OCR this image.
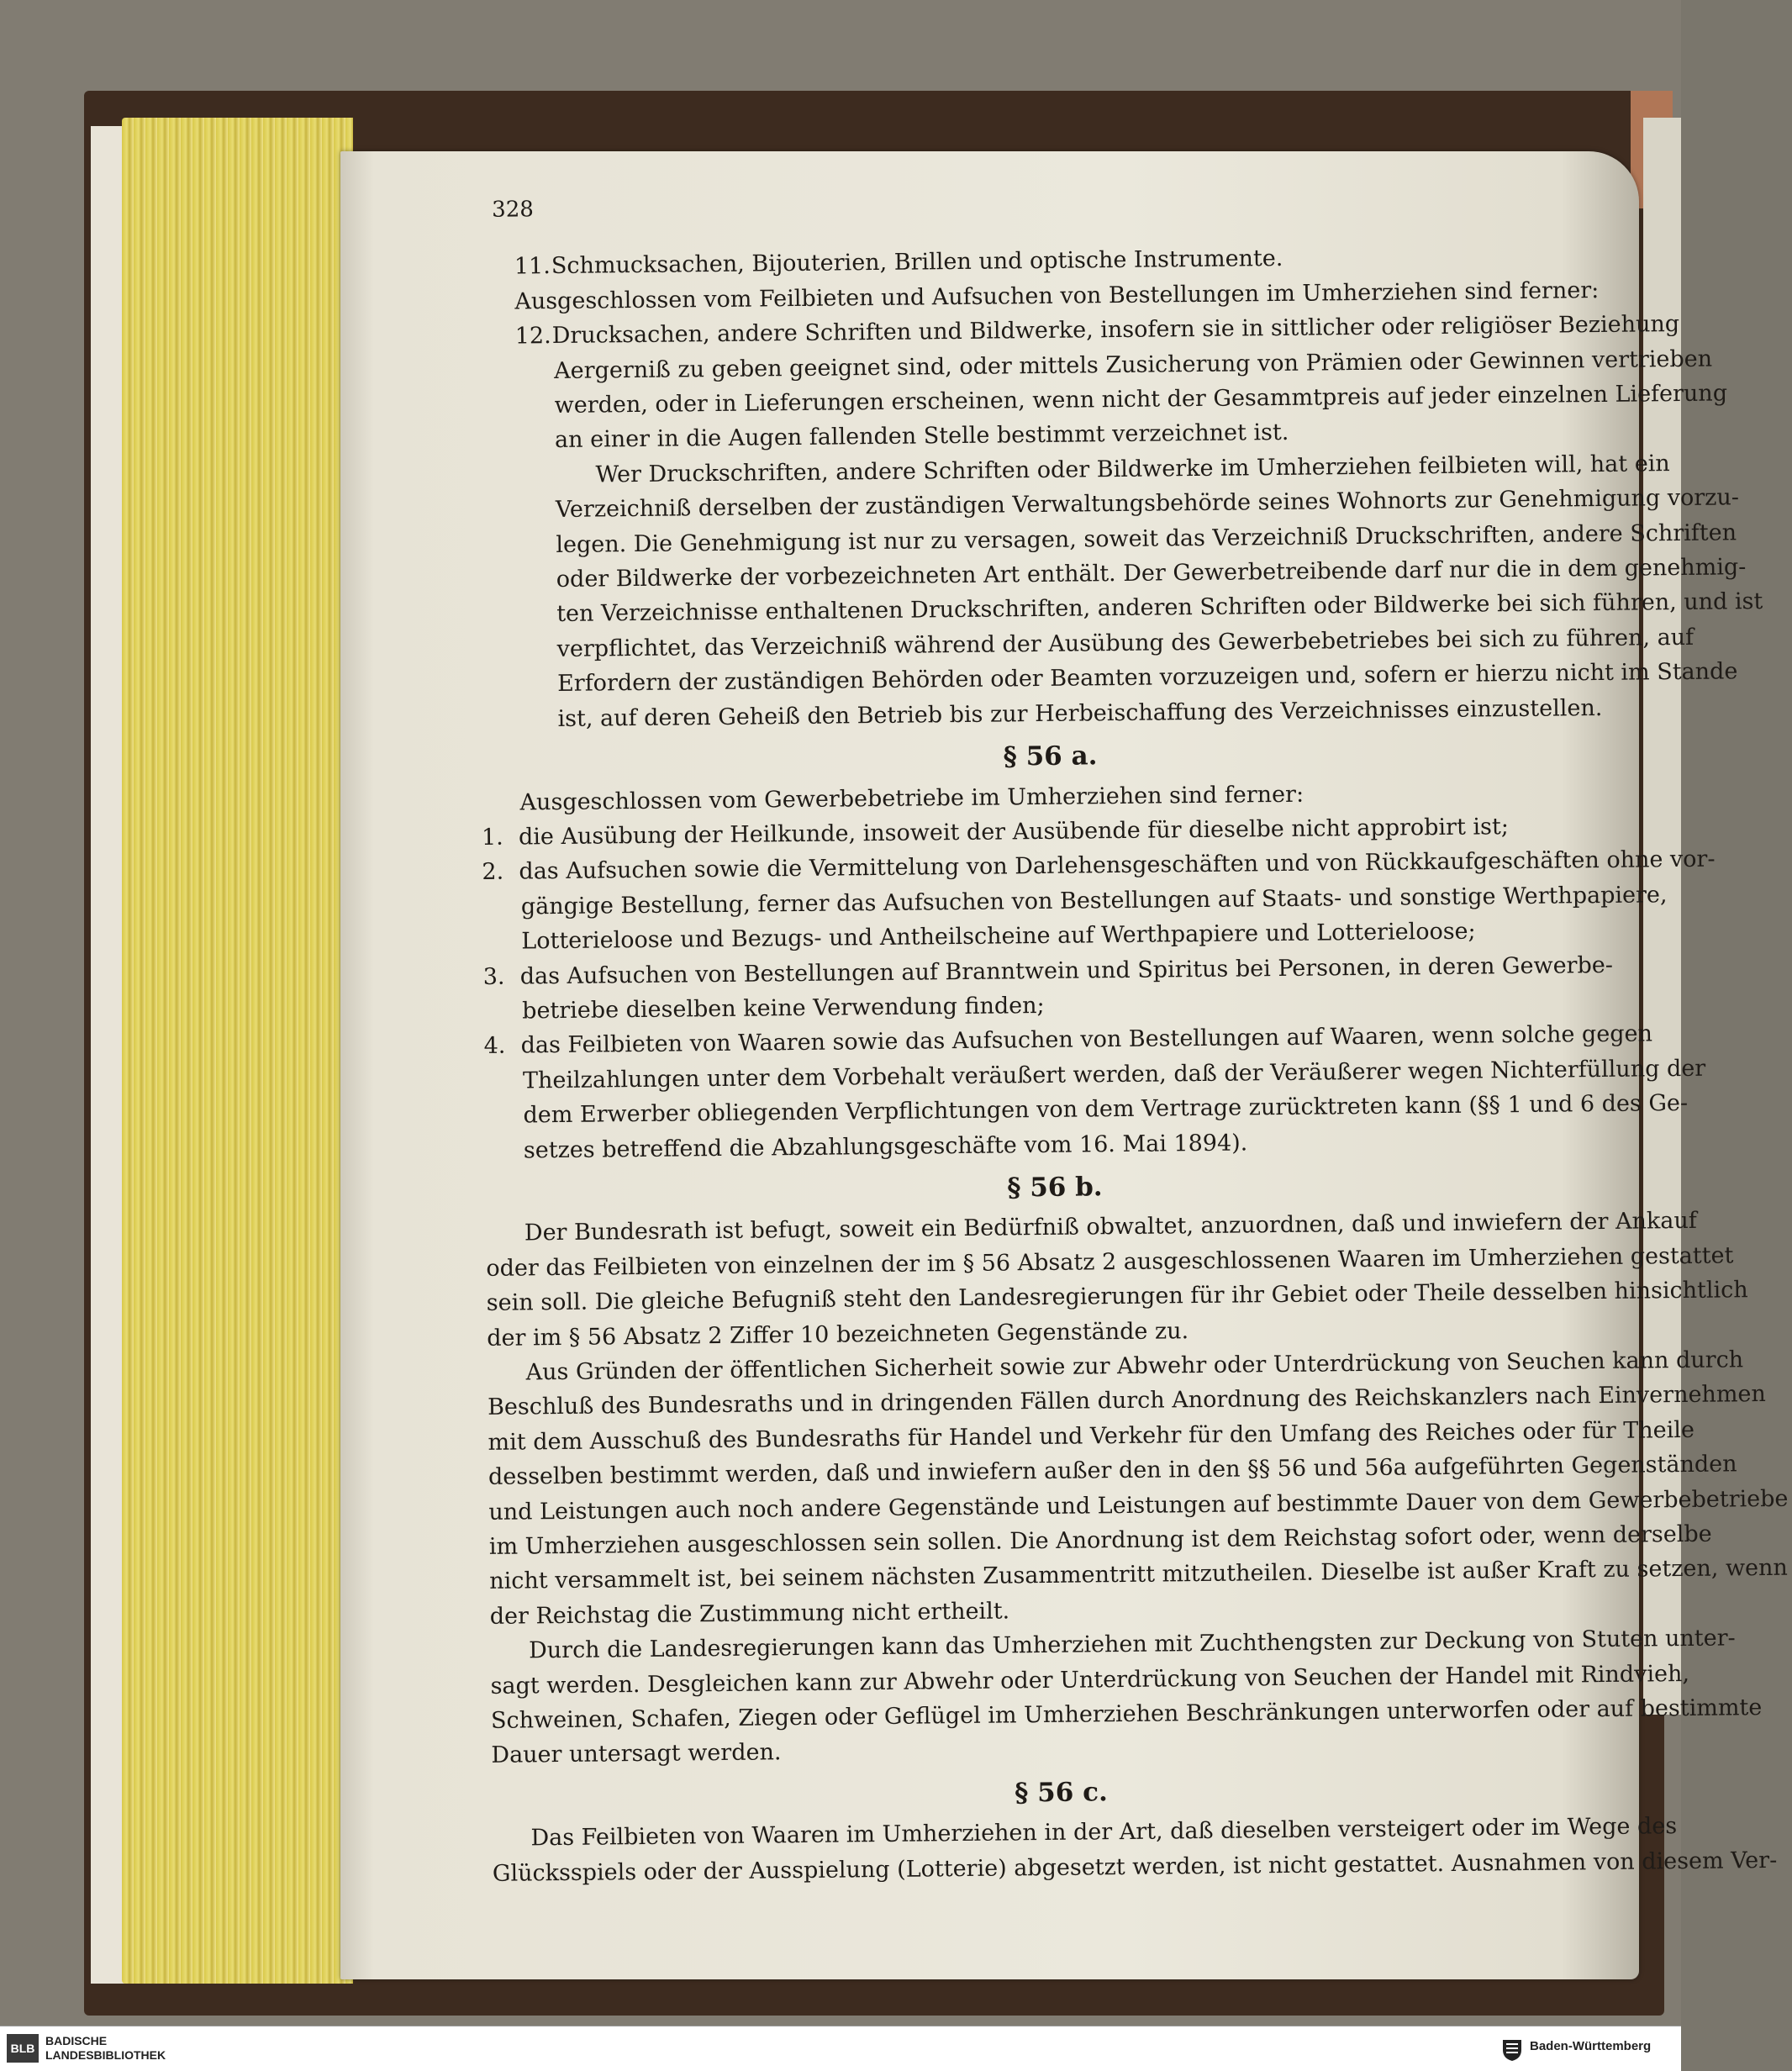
328
11.Schmucksachen, Bijouterien, Brillen und optische Instrumente.
Ausgeschlossen vom Feilbieten und Aufsuchen von Bestellungen im Umherziehen sind ferner:
12.Drucksachen, andere Schriften und Bildwerke, insofern sie in sittlicher oder religiöser Beziehung
Aergerniß zu geben geeignet sind, oder mittels Zusicherung von Prämien oder Gewinnen vertrieben
werden, oder in Lieferungen erscheinen, wenn nicht der Gesammtpreis auf jeder einzelnen Lieferung
an einer in die Augen fallenden Stelle bestimmt verzeichnet ist.
Wer Druckschriften, andere Schriften oder Bildwerke im Umherziehen feilbieten will, hat ein
Verzeichniß derselben der zuständigen Verwaltungsbehörde seines Wohnorts zur Genehmigung vorzu-
legen. Die Genehmigung ist nur zu versagen, soweit das Verzeichniß Druckschriften, andere Schriften
oder Bildwerke der vorbezeichneten Art enthält. Der Gewerbetreibende darf nur die in dem genehmig-
ten Verzeichnisse enthaltenen Druckschriften, anderen Schriften oder Bildwerke bei sich führen, und ist
verpflichtet, das Verzeichniß während der Ausübung des Gewerbebetriebes bei sich zu führen, auf
Erfordern der zuständigen Behörden oder Beamten vorzuzeigen und, sofern er hierzu nicht im Stande
ist, auf deren Geheiß den Betrieb bis zur Herbeischaffung des Verzeichnisses einzustellen.
§ 56 a.
Ausgeschlossen vom Gewerbebetriebe im Umherziehen sind ferner:
1. die Ausübung der Heilkunde, insoweit der Ausübende für dieselbe nicht approbirt ist;
2. das Aufsuchen sowie die Vermittelung von Darlehensgeschäften und von Rückkaufgeschäften ohne vor-
gängige Bestellung, ferner das Aufsuchen von Bestellungen auf Staats- und sonstige Werthpapiere,
Lotterieloose und Bezugs- und Antheilscheine auf Werthpapiere und Lotterieloose;
3. das Aufsuchen von Bestellungen auf Branntwein und Spiritus bei Personen, in deren Gewerbe-
betriebe dieselben keine Verwendung finden;
4. das Feilbieten von Waaren sowie das Aufsuchen von Bestellungen auf Waaren, wenn solche gegen
Theilzahlungen unter dem Vorbehalt veräußert werden, daß der Veräußerer wegen Nichterfüllung der
dem Erwerber obliegenden Verpflichtungen von dem Vertrage zurücktreten kann (§§ 1 und 6 des Ge-
setzes betreffend die Abzahlungsgeschäfte vom 16. Mai 1894).
§ 56 b.
Der Bundesrath ist befugt, soweit ein Bedürfniß obwaltet, anzuordnen, daß und inwiefern der Ankauf
oder das Feilbieten von einzelnen der im § 56 Absatz 2 ausgeschlossenen Waaren im Umherziehen gestattet
sein soll. Die gleiche Befugniß steht den Landesregierungen für ihr Gebiet oder Theile desselben hinsichtlich
der im § 56 Absatz 2 Ziffer 10 bezeichneten Gegenstände zu.
Aus Gründen der öffentlichen Sicherheit sowie zur Abwehr oder Unterdrückung von Seuchen kann durch
Beschluß des Bundesraths und in dringenden Fällen durch Anordnung des Reichskanzlers nach Einvernehmen
mit dem Ausschuß des Bundesraths für Handel und Verkehr für den Umfang des Reiches oder für Theile
desselben bestimmt werden, daß und inwiefern außer den in den §§ 56 und 56a aufgeführten Gegenständen
und Leistungen auch noch andere Gegenstände und Leistungen auf bestimmte Dauer von dem Gewerbebetriebe
im Umherziehen ausgeschlossen sein sollen. Die Anordnung ist dem Reichstag sofort oder, wenn derselbe
nicht versammelt ist, bei seinem nächsten Zusammentritt mitzutheilen. Dieselbe ist außer Kraft zu setzen, wenn
der Reichstag die Zustimmung nicht ertheilt.
Durch die Landesregierungen kann das Umherziehen mit Zuchthengsten zur Deckung von Stuten unter-
sagt werden. Desgleichen kann zur Abwehr oder Unterdrückung von Seuchen der Handel mit Rindvieh,
Schweinen, Schafen, Ziegen oder Geflügel im Umherziehen Beschränkungen unterworfen oder auf bestimmte
Dauer untersagt werden.
§ 56 c.
Das Feilbieten von Waaren im Umherziehen in der Art, daß dieselben versteigert oder im Wege des
Glücksspiels oder der Ausspielung (Lotterie) abgesetzt werden, ist nicht gestattet. Ausnahmen von diesem Ver-
BLB
BADISCHE
LANDESBIBLIOTHEK
Baden-Württemberg
